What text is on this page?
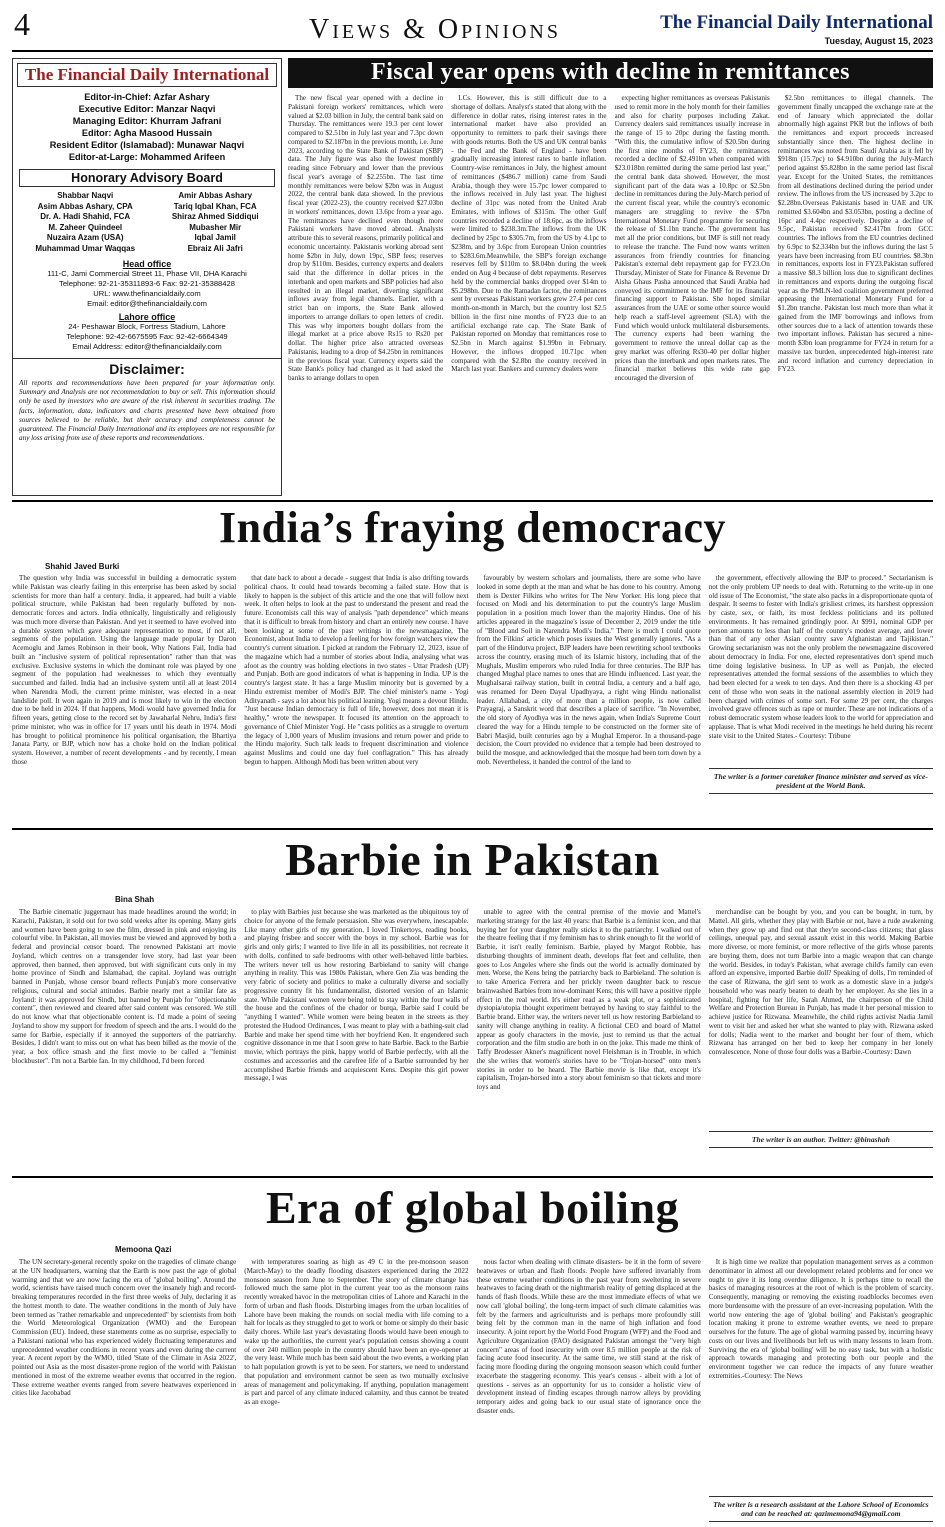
4	Views & Opinions	The Financial Daily International
Tuesday, August 15, 2023
The Financial Daily International
Editor-in-Chief: Azfar Ashary
Executive Editor: Manzar Naqvi
Managing Editor: Khurram Jafrani
Editor: Agha Masood Hussain
Resident Editor (Islamabad): Munawar Naqvi
Editor-at-Large: Mohammed Arifeen
Honorary Advisory Board
Shabbar Naqvi
Asim Abbas Ashary, CPA
Dr. A. Hadi Shahid, FCA
M. Zaheer Quindeel
Nuzaira Azam (USA)
Muhammad Umar Waqqas
Amir Abbas Ashary
Tariq Iqbal Khan, FCA
Shiraz Ahmed Siddiqui
Mubasher Mir
Iqbal Jamil
Ebraiz Ali Jafri
Head office
111-C, Jami Commercial Street 11, Phase VII, DHA Karachi
Telephone: 92-21-35311893-6 Fax: 92-21-35388428
URL: www.thefinancialdaily.com
Email: editor@thefinancialdaily.com
Lahore office
24- Peshawar Block, Fortress Stadium, Lahore
Telephone: 92-42-6675595 Fax: 92-42-6664349
Email Address: editor@thefinancialdaily.com
Disclaimer:
All reports and recommendations have been prepared for your information only. Summary and Analysis are not recommendation to buy or sell. This information should only be used by investors who are aware of the risk inherent in securities trading. The facts, information, data, indicators and charts presented have been obtained from sources believed to be reliable, but their accuracy and completeness cannot be guaranteed. The Financial Daily International and its employees are not responsible for any loss arising from use of these reports and recommendations.
Fiscal year opens with decline in remittances

The new fiscal year opened with a decline in Pakistani foreign workers' remittances, which were valued at $2.03 billion in July, the central bank said on Thursday. The remittances were 19.3 per cent lower compared to $2.51bn in July last year and 7.3pc down compared to $2.187bn in the previous month, i.e. June 2023, according to the State Bank of Pakistan (SBP) data. The July figure was also the lowest monthly reading since February and lower than the previous fiscal year's average of $2.255bn. The last time monthly remittances were below $2bn was in August 2022, the central bank data showed. In the previous fiscal year (2022-23), the country received $27.03bn in workers' remittances, down 13.6pc from a year ago. The remittances have declined even though more Pakistani workers have moved abroad. Analysts attribute this to several reasons, primarily political and economic uncertainty. Pakistanis working abroad sent home $2bn in July, down 19pc, SBP fees; reserves drop by $110m. Besides, currency experts and dealers said that the difference in dollar prices in the interbank and open markets and SBP policies had also resulted in an illegal market, diverting significant inflows away from legal channels. Earlier, with a strict ban on imports, the State Bank allowed importers to arrange dollars to open letters of credit. This was why importers bought dollars from the illegal market at a price above Rs15 to Rs20 per dollar. The higher price also attracted overseas Pakistanis, leading to a drop of $4.25bn in remittances in the previous fiscal year. Currency experts said the State Bank's policy had changed as it had asked the banks to arrange dollars to open

LCs. However, this is still difficult due to a shortage of dollars. Analyst's stated that along with the difference in dollar rates, rising interest rates in the international market have also provided an opportunity to remitters to park their savings there with goods returns. Both the US and UK central banks - the Fed and the Bank of England - have been gradually increasing interest rates to battle inflation. Country-wise remittances in July, the highest amount of remittances ($486.7 million) came from Saudi Arabia, though they were 15.7pc lower compared to the inflows received in July last year. The highest decline of 31pc was noted from the United Arab Emirates, with inflows of $315m. The other Gulf countries recorded a decline of 18.6pc, as the inflows were limited to $238.3m.The inflows from the UK declined by 25pc to $305.7m, from the US by 4.1pc to $238m, and by 3.6pc from European Union countries to $283.6m.Meanwhile, the SBP's foreign exchange reserves fell by $110m to $8.04bn during the week ended on Aug 4 because of debt repayments. Reserves held by the commercial banks dropped over $14m to $5.298bn. Due to the Ramadan factor, the remittances sent by overseas Pakistani workers grew 27.4 per cent month-on-month in March, but the country lost $2.5 billion in the first nine months of FY23 due to an artificial exchange rate cap. The State Bank of Pakistan reported on Monday that remittances rose to $2.5bn in March against $1.99bn in February. However, the inflows dropped 10.71pc when compared with the $2.8bn the country received in March last year. Bankers and currency dealers were

expecting higher remittances as overseas Pakistanis used to remit more in the holy month for their families and also for charity purposes including Zakat. Currency dealers said remittances usually increase in the range of 15 to 20pc during the fasting month. "With this, the cumulative inflow of $20.5bn during the first nine months of FY23, the remittances recorded a decline of $2.491bn when compared with $23.018bn remitted during the same period last year," the central bank data showed. However, the most significant part of the data was a 10.8pc or $2.5bn decline in remittances during the July-March period of the current fiscal year, while the country's economic managers are struggling to revive the $7bn International Monetary Fund programme for securing the release of $1.1bn tranche. The government has met all the prior conditions, but IMF is still not ready to release the tranche. The Fund now wants written assurances from friendly countries for financing Pakistan's external debt repayment gap for FY23.On Thursday, Minister of State for Finance & Revenue Dr Aisha Ghaus Pasha announced that Saudi Arabia had conveyed its commitment to the IMF for its financial financing support to Pakistan. She hoped similar assurances from the UAE or some other source would help reach a staff-level agreement (SLA) with the Fund which would unlock multilateral disbursements. The currency experts had been warning the government to remove the unreal dollar cap as the grey market was offering Rs30-40 per dollar higher prices than the interbank and open markets rates. The financial market believes this wide rate gap encouraged the diversion of

$2.5bn remittances to illegal channels. The government finally uncapped the exchange rate at the end of January which appreciated the dollar abnormally high against PKR but the inflows of both the remittances and export proceeds increased substantially since then. The highest decline in remittances was noted from Saudi Arabia as it fell by $918m (15.7pc) to $4.910bn during the July-March period against $5.828bn in the same period last fiscal year. Except for the United States, the remittances from all destinations declined during the period under review. The inflows from the US increased by 3.2pc to $2.28bn.Overseas Pakistanis based in UAE and UK remitted $3.604bn and $3.053bn, posting a decline of 16pc and 4.4pc respectively. Despite a decline of 9.5pc, Pakistan received $2.417bn from GCC countries. The inflows from the EU countries declined by 6.9pc to $2.334bn but the inflows during the last 5 years have been increasing from EU countries. $8.3bn in remittances, exports lost in FY23.Pakistan suffered a massive $8.3 billion loss due to significant declines in remittances and exports during the outgoing fiscal year as the PMLN-led coalition government preferred appeasing the International Monetary Fund for a $1.2bn tranche. Pakistan lost much more than what it gained from the IMF borrowings and inflows from other sources due to a lack of attention towards these two important inflows. Pakistan has secured a nine-month $3bn loan programme for FY24 in return for a massive tax burden, unprecedented high-interest rate and record inflation and currency depreciation in FY23.

India’s fraying democracy
Shahid Javed Burki

The question why India was successful in building a democratic system while Pakistan was clearly failing in this enterprise has been asked by social scientists for more than half a century. India, it appeared, had built a viable political structure, while Pakistan had been regularly buffeted by non-democratic forces and actors. India ethnically, linguistically and religiously was much more diverse than Pakistan. And yet it seemed to have evolved into a durable system which gave adequate representation to most, if not all, segments of the population. Using the language made popular by Daron Acemoglu and James Robinson in their book, Why Nations Fail, India had built an "inclusive system of political representation" rather than that was exclusive. Exclusive systems in which the dominant role was played by one segment of the population had weaknesses to which they eventually succumbed and failed. India had an inclusive system until all at least 2014 when Narendra Modi, the current prime minister, was elected in a near landslide poll. It won again in 2019 and is most likely to win in the election due to be held in 2024. If that happens, Modi would have governed India for fifteen years, getting close to the record set by Jawaharlal Nehru, India's first prime minister, who was in office for 17 years until his death in 1974. Modi has brought to political prominence his political organisation, the Bhartiya Janata Party, or BJP, which now has a choke hold on the Indian political system. However, a number of recent developments - and by recently, I mean those

that date back to about a decade - suggest that India is also drifting towards political chaos. It could head towards becoming a failed state. How that is likely to happen is the subject of this article and the one that will follow next week. It often helps to look at the past to understand the present and read the future. Economists call this way of analysis "path dependence" which means that it is difficult to break from history and chart an entirely new course. I have been looking at some of the past writings in the newsmagazine, The Economist, about India to develop a feeling for how foreign watchers view the country's current situation. I picked at random the February 12, 2023, issue of the magazine which had a number of stories about India, analysing what was afoot as the country was holding elections in two states - Uttar Pradesh (UP) and Punjab. Both are good indicators of what is happening in India. UP is the country's largest state. It has a large Muslim minority but is governed by a Hindu extremist member of Modi's BJP. The chief minister's name - Yogi Adityanath - says a lot about his political leaning. Yogi means a devout Hindu. "Just because Indian democracy is full of life, however, does not mean it is healthy," wrote the newspaper. It focused its attention on the approach to governance of Chief Minister Yogi. He "casts politics as a struggle to overturn the legacy of 1,000 years of Muslim invasions and return power and pride to the Hindu majority. Such talk leads to frequent discrimination and violence against Muslims and could one day fuel conflagration." This has already begun to happen. Although Modi has been written about very

favourably by western scholars and journalists, there are some who have looked in some depth at the man and what he has done to his country. Among them is Dexter Filkins who writes for The New Yorker. His long piece that focused on Modi and his determination to put the country's large Muslim population in a position much lower than the majority Hindus. One of his articles appeared in the magazine's issue of December 2, 2019 under the title of "Blood and Soil in Narendra Modi's India." There is much I could quote from the Filkins' article which poses issues the West generally ignores. "As a part of the Hindutva project, BJP leaders have been rewriting school textbooks across the country, erasing much of its Islamic history, including that of the Mughals, Muslim emperors who ruled India for three centuries. The BJP has changed Mughal place names to ones that are Hindu influenced. Last year, the Mughalsarai railway station, built in central India, a century and a half ago, was renamed for Deen Dayal Upadhyaya, a right wing Hindu nationalist leader. Allahabad, a city of more than a million people, is now called Prayagraj, a Sanskrit word that describes a place of sacrifice. "In November, the old story of Ayodhya was in the news again, when India's Supreme Court cleared the way for a Hindu temple to be constructed on the former site of Babri Masjid, built centuries ago by a Mughal Emperor. In a thousand-page decision, the Court provided no evidence that a temple had been destroyed to build the mosque, and acknowledged that the mosque had been torn down by a mob. Nevertheless, it handed the control of the land to

the government, effectively allowing the BJP to proceed." Sectarianism is not the only problem UP needs to deal with. Returning to the write-up in one old issue of The Economist, "the state also packs in a disproportionate quota of despair. It seems to fester with India's grisliest crimes, its harshest oppression by caste, sex, or faith, its most feckless politicians and its polluted environments. It has remained grindingly poor. At $991, nominal GDP per person amounts to less than half of the country's modest average, and lower than that of any other Asian country save Afghanistan and Tajikistan." Growing sectarianism was not the only problem the newsmagazine discovered about democracy in India. For one, elected representatives don't spend much time doing legislative business. In UP as well as Punjab, the elected representatives attended the formal sessions of the assemblies to which they had been elected for a week to ten days. And then there is a shocking 43 per cent of those who won seats in the national assembly election in 2019 had been charged with crimes of some sort. For some 29 per cent, the charges involved grave offences such as rape or murder. These are not indications of a robust democratic system whose leaders look to the world for appreciation and applause. That is what Modi received in the meetings he held during his recent state visit to the United States.- Courtesy: Tribune

The writer is a former caretaker finance minister and served as vice-president at the World Bank.
Barbie in Pakistan
Bina Shah

The Barbie cinematic juggernaut has made headlines around the world; in Karachi, Pakistan, it sold out for two sold weeks after its opening. Many girls and women have been going to see the film, dressed in pink and enjoying its colourful vibe. In Pakistan, all movies must be viewed and approved by both a federal and provincial censor board. The renowned Pakistani art movie Joyland, which centres on a transgender love story, had last year been approved, then banned, then approved, but with significant cuts only in my home province of Sindh and Islamabad, the capital. Joyland was outright banned in Punjab, whose censor board reflects Punjab's more conservative religious, cultural and social attitudes. Barbie nearly met a similar fate as Joyland: it was approved for Sindh, but banned by Punjab for "objectionable content", then reviewed and cleared after said content was censored. We still do not know what that objectionable content is. I'd made a point of seeing Joyland to show my support for freedom of speech and the arts. I would do the same for Barbie, especially if it annoyed the supporters of the patriarchy. Besides, I didn't want to miss out on what has been billed as the movie of the year, a box office smash and the first movie to be called a "feminist blockbuster". I'm not a Barbie fan. In my childhood, I'd been forced

to play with Barbies just because she was marketed as the ubiquitous toy of choice for anyone of the female persuasion. She was everywhere, inescapable. Like many other girls of my generation, I loved Tinkertoys, reading books, and playing frisbee and soccer with the boys in my school. Barbie was for girls and only girls; I wanted to live life in all its possibilities, not recreate it with dolls, confined to safe bedrooms with other well-behaved little barbies. The writers never tell us how restoring Barbieland to sanity will change anything in reality. This was 1980s Pakistan, where Gen Zia was bending the very fabric of society and politics to make a culturally diverse and socially progressive country fit his fundamentalist, distorted version of an Islamic state. While Pakistani women were being told to stay within the four walls of the house and the confines of the chador or burqa, Barbie said I could be "anything I wanted". While women were being beaten in the streets as they protested the Hudood Ordinances, I was meant to play with a bathing-suit clad Barbie and make her spend time with her boyfriend Ken. It engendered such cognitive dissonance in me that I soon grew to hate Barbie. Back to the Barbie movie, which portrays the pink, happy world of Barbie perfectly, with all the costumes and accessories and the carefree life of a Barbie surrounded by her accomplished Barbie friends and acquiescent Kens. Despite this girl power message, I was

unable to agree with the central premise of the movie and Mattel's marketing strategy for the last 40 years: that Barbie is a feminist icon, and that buying her for your daughter really sticks it to the patriarchy. I walked out of the theatre feeling that if my feminism has to shrink enough to fit the world of Barbie, it isn't really feminism. Barbie, played by Margot Robbie, has disturbing thoughts of imminent death, develops flat feet and cellulite, then goes to Los Angeles where she finds out the world is actually dominated by men. Worse, the Kens bring the patriarchy back to Barbieland. The solution is to take America Ferrera and her prickly tween daughter back to rescue brainwashed Barbies from now-dominant Kens; this will have a positive ripple effect in the real world. It's either read as a weak plot, or a sophisticated dystopia/utopia thought experiment betrayed by having to stay faithful to the Barbie brand. Either way, the writers never tell us how restoring Barbieland to sanity will change anything in reality. A fictional CEO and board of Mattel appear as goofy characters in the movie, just to remind us that the actual corporation and the film studio are both in on the joke. This made me think of Taffy Brodesser Akner's magnificent novel Fleishman is in Trouble, in which the she writes that women's stories have to be "Trojan-horsed" onto men's stories in order to be heard. The Barbie movie is like that, except it's capitalism, Trojan-horsed into a story about feminism so that tickets and more toys and

merchandise can be bought by you, and you can be bought, in turn, by Mattel. All girls, whether they play with Barbie or not, have a rude awakening when they grow up and find out that they're second-class citizens; that glass ceilings, unequal pay, and sexual assault exist in this world. Making Barbie more diverse, or more feminist, or more reflective of the girls whose parents are buying them, does not turn Barbie into a magic weapon that can change the world. Besides, in today's Pakistan, what average child's family can even afford an expensive, imported Barbie doll? Speaking of dolls, I'm reminded of the case of Rizwana, the girl sent to work as a domestic slave in a judge's household who was nearly beaten to death by her employer. As she lies in a hospital, fighting for her life, Sarah Ahmed, the chairperson of the Child Welfare and Protection Bureau in Punjab, has made it her personal mission to achieve justice for Rizwana. Meanwhile, the child rights activist Nadia Jamil went to visit her and asked her what she wanted to play with. Rizwana asked for dolls; Nadia went to the market and bought her four of them, which Rizwana has arranged on her bed to keep her company in her lonely convalescence. None of those four dolls was a Barbie.-Courtesy: Dawn

The writer is an author. Twitter: @binashah
Era of global boiling
Memoona Qazi

The UN secretary-general recently spoke on the tragedies of climate change at the UN headquarters, warning that the Earth is now past the age of global warming and that we are now facing the era of "global boiling". Around the world, scientists have raised much concern over the insanely high and record-breaking temperatures recorded in the first three weeks of July, declaring it as the hottest month to date. The weather conditions in the month of July have been termed as "rather remarkable and unprecedented" by scientists from both the World Meteorological Organization (WMO) and the European Commission (EU). Indeed, these statements come as no surprise, especially to a Pakistani national who has experienced widely fluctuating temperatures and unprecedented weather conditions in recent years and even during the current year. A recent report by the WMO, titled 'State of the Climate in Asia 2022', pointed out Asia as the most disaster-prone region of the world with Pakistan mentioned in most of the extreme weather events that occurred in the region. These extreme weather events ranged from severe heatwaves experienced in cities like Jacobabad

with temperatures soaring as high as 49 C in the pre-monsoon season (March-May) to the deadly flooding disasters experienced during the 2022 monsoon season from June to September. The story of climate change has followed much the same plot in the current year too as the monsoon rains recently wreaked havoc in the metropolitan cities of Lahore and Karachi in the form of urban and flash floods. Disturbing images from the urban localities of Lahore have been making the rounds on social media with life coming to a halt for locals as they struggled to get to work or home or simply do their basic daily chores. While last year's devastating floods would have been enough to wake up the authorities, the current year's population census showing a count of over 240 million people in the country should have been an eye-opener at the very least. While much has been said about the two events, a working plan to halt population growth is yet to be seen. For starters, we need to understand that population and environment cannot be seen as two mutually exclusive areas of management and policymaking. If anything, population management is part and parcel of any climate induced calamity, and thus cannot be treated as an exoge-

nous factor when dealing with climate disasters- be it in the form of severe heatwaves or urban and flash floods. People have suffered invariably from these extreme weather conditions in the past year from sweltering in severe heatwaves to facing death or the nightmarish reality of getting displaced at the hands of flash floods. While these are the most immediate effects of what we now call 'global boiling', the long-term impact of such climate calamities was felt by the farmers and agriculturists and is perhaps more profoundly still being felt by the common man in the name of high inflation and food insecurity. A joint report by the World Food Program (WFP) and the Food and Agriculture Organization (FAO) designated Pakistan amongst the "very high concern" areas of food insecurity with over 8.5 million people at the risk of facing acute food insecurity. At the same time, we still stand at the risk of facing more flooding during the ongoing monsoon season which could further exacerbate the staggering economy. This year's census - albeit with a lot of questions - serves as an opportunity for us to consider a holistic view of development instead of finding escapes through narrow alleys by providing temporary aides and going back to our usual state of ignorance once the disaster ends.

It is high time we realize that population management serves as a common denominator in almost all our development related problems and for once we ought to give it its long overdue diligence. It is perhaps time to recall the basics of managing resources at the root of which is the problem of scarcity. Consequently, managing or removing the existing roadblocks becomes even more burdensome with the pressure of an ever-increasing population. With the world now entering the age of 'global boiling' and Pakistan's geographic location making it prone to extreme weather events, we need to prepare ourselves for the future. The age of global warming passed by, incurring heavy costs on our lives and livelihoods but left us with many lessons to learn from. Surviving the era of 'global boiling' will be no easy task, but with a holistic approach towards managing and protecting both our people and the environment together we can reduce the impacts of any future weather extremities.-Courtesy: The News

The writer is a research assistant at the Lahore School of Economics and can be reached at: qazimemona94@gmail.com
